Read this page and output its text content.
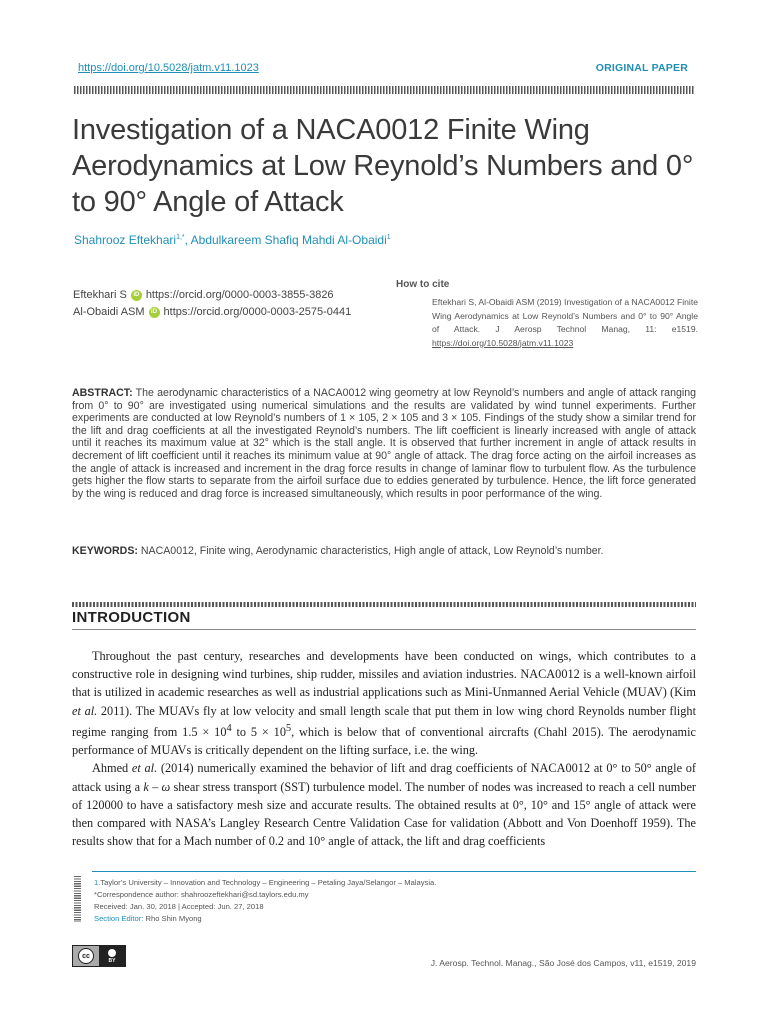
https://doi.org/10.5028/jatm.v11.1023	ORIGINAL PAPER
Investigation of a NACA0012 Finite Wing Aerodynamics at Low Reynold’s Numbers and 0° to 90° Angle of Attack
Shahrooz Eftekhari$^{1,*}$, Abdulkareem Shafiq Mahdi Al-Obaidi$^1$
Eftekhari S	iD https://orcid.org/0000-0003-3855-3826
Al-Obaidi ASM	iD https://orcid.org/0000-0003-2575-0441
How to cite
Eftekhari S, Al-Obaidi ASM (2019) Investigation of a NACA0012 Finite Wing Aerodynamics at Low Reynold’s Numbers and 0° to 90° Angle of Attack. J Aerosp Technol Manag, 11: e1519. https://doi.org/10.5028/jatm.v11.1023
ABSTRACT: The aerodynamic characteristics of a NACA0012 wing geometry at low Reynold’s numbers and angle of attack ranging from 0° to 90° are investigated using numerical simulations and the results are validated by wind tunnel experiments. Further experiments are conducted at low Reynold’s numbers of 1 × 105, 2 × 105 and 3 × 105. Findings of the study show a similar trend for the lift and drag coefficients at all the investigated Reynold’s numbers. The lift coefficient is linearly increased with angle of attack until it reaches its maximum value at 32° which is the stall angle. It is observed that further increment in angle of attack results in decrement of lift coefficient until it reaches its minimum value at 90° angle of attack. The drag force acting on the airfoil increases as the angle of attack is increased and increment in the drag force results in change of laminar flow to turbulent flow. As the turbulence gets higher the flow starts to separate from the airfoil surface due to eddies generated by turbulence. Hence, the lift force generated by the wing is reduced and drag force is increased simultaneously, which results in poor performance of the wing.
KEYWORDS: NACA0012, Finite wing, Aerodynamic characteristics, High angle of attack, Low Reynold’s number.
INTRODUCTION

Throughout the past century, researches and developments have been conducted on wings, which contributes to a constructive role in designing wind turbines, ship rudder, missiles and aviation industries. NACA0012 is a well-known airfoil that is utilized in academic researches as well as industrial applications such as Mini-Unmanned Aerial Vehicle (MUAV) (Kim et al. 2011). The MUAVs fly at low velocity and small length scale that put them in low wing chord Reynolds number flight regime ranging from $1.5 \times 10^4$ to $5 \times 10^5$, which is below that of conventional aircrafts (Chahl 2015). The aerodynamic performance of MUAVs is critically dependent on the lifting surface, i.e. the wing.

Ahmed et al. (2014) numerically examined the behavior of lift and drag coefficients of NACA0012 at 0° to 50° angle of attack using a k – ω shear stress transport (SST) turbulence model. The number of nodes was increased to reach a cell number of 120000 to have a satisfactory mesh size and accurate results. The obtained results at 0°, 10° and 15° angle of attack were then compared with NASA’s Langley Research Centre Validation Case for validation (Abbott and Von Doenhoff 1959). The results show that for a Mach number of 0.2 and 10° angle of attack, the lift and drag coefficients

1.Taylor’s University – Innovation and Technology – Engineering – Petaling Jaya/Selangor – Malaysia.
*Correspondence author: shahroozeftekhari@sd.taylors.edu.my
Received: Jan. 30, 2018 | Accepted: Jun. 27, 2018
Section Editor: Rho Shin Myong
cc
BY	J. Aerosp. Technol. Manag., São José dos Campos, v11, e1519, 2019
